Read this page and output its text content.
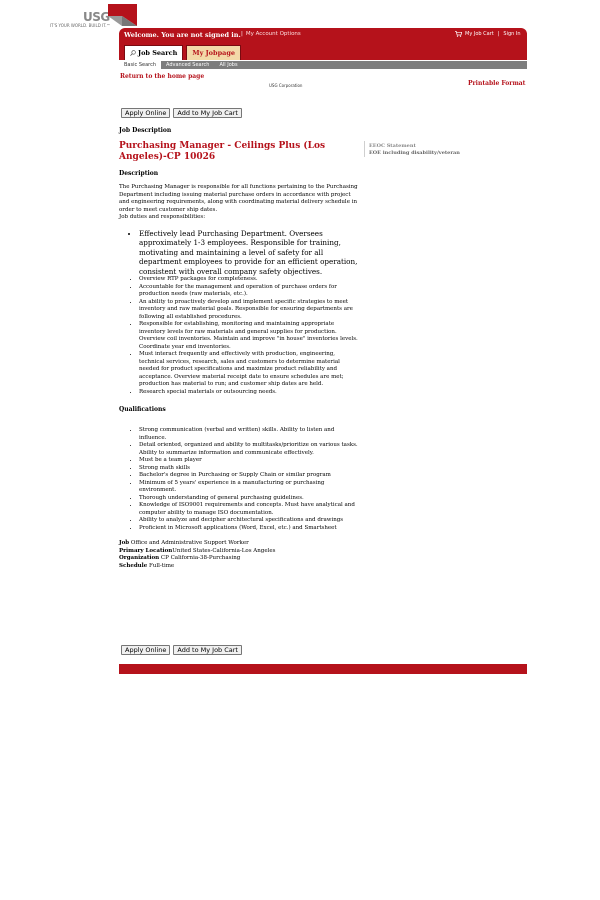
USG
IT'S YOUR WORLD. BUILD IT.™
Welcome. You are not signed in.
| My Account Options	My Job Cart | Sign In
Job Search My Jobpage
Basic Search	Advanced Search	All Jobs
Return to the home page
USG Corporation	Printable Format
Apply Online	Add to My Job Cart
Job Description
Purchasing Manager - Ceilings Plus (Los Angeles)-CP 10026
Description

The Purchasing Manager is responsible for all functions pertaining to the Purchasing Department including issuing material purchase orders in accordance with project and engineering requirements, along with coordinating material delivery schedule in order to meet customer ship dates.

Job duties and responsibilities:

• Effectively lead Purchasing Department. Oversees approximately 1-3 employees. Responsible for training, motivating and maintaining a level of safety for all department employees to provide for an efficient operation, consistent with overall company safety objectives.
• Overview RTP packages for completeness.
• Accountable for the management and operation of purchase orders for production needs (raw materials, etc.).
• An ability to proactively develop and implement specific strategies to meet inventory and raw material goals. Responsible for ensuring departments are following all established procedures.
• Responsible for establishing, monitoring and maintaining appropriate inventory levels for raw materials and general supplies for production. Overview coil inventories. Maintain and improve "in house" inventories levels. Coordinate year end inventories.
• Must interact frequently and effectively with production, engineering, technical services, research, sales and customers to determine material needed for product specifications and maximize product reliability and acceptance. Overview material receipt date to ensure schedules are met; production has material to run; and customer ship dates are held.
• Research special materials or outsourcing needs.
Qualifications
• Strong communication (verbal and written) skills. Ability to listen and influence.
• Detail oriented, organized and ability to multitasks/prioritize on various tasks. Ability to summarize information and communicate effectively.
• Must be a team player
• Strong math skills
• Bachelor's degree in Purchasing or Supply Chain or similar program
• Minimum of 5 years' experience in a manufacturing or purchasing environment.
• Thorough understanding of general purchasing guidelines.
• Knowledge of ISO9001 requirements and concepts. Must have analytical and computer ability to manage ISO documentation.
• Ability to analyze and decipher architectural specifications and drawings
• Proficient in Microsoft applications (Word, Excel, etc.) and Smartsheet
Job Office and Administrative Support Worker
Primary LocationUnited States-California-Los Angeles
Organization CP California-38-Purchasing
Schedule Full-time
EEOC Statement
EOE including disability/veteran
Apply Online	Add to My Job Cart
